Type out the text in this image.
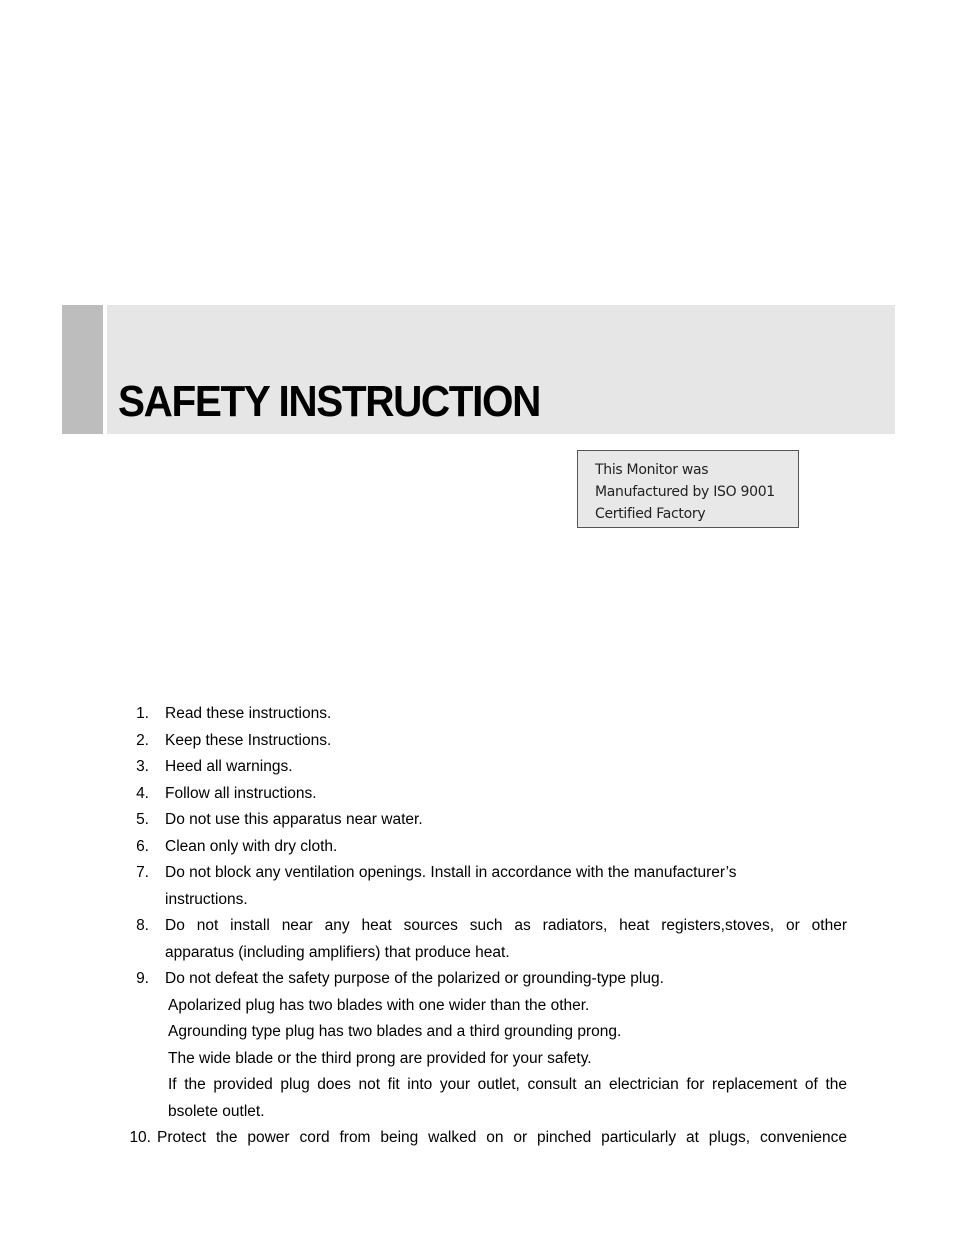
SAFETY INSTRUCTION
This Monitor was
Manufactured by ISO 9001
Certified Factory
1. Read these instructions.
2. Keep these Instructions.
3. Heed all warnings.
4. Follow all instructions.
5. Do not use this apparatus near water.
6. Clean only with dry cloth.
7. Do not block any ventilation openings. Install in accordance with the manufacturer’s
instructions.
8. Do not install near any heat sources such as radiators, heat registers,stoves, or other
apparatus (including amplifiers) that produce heat.
9. Do not defeat the safety purpose of the polarized or grounding-type plug.
Apolarized plug has two blades with one wider than the other.
Agrounding type plug has two blades and a third grounding prong.
The wide blade or the third prong are provided for your safety.
If the provided plug does not fit into your outlet, consult an electrician for replacement of the
bsolete outlet.
10. Protect the power cord from being walked on or pinched particularly at plugs, convenience
